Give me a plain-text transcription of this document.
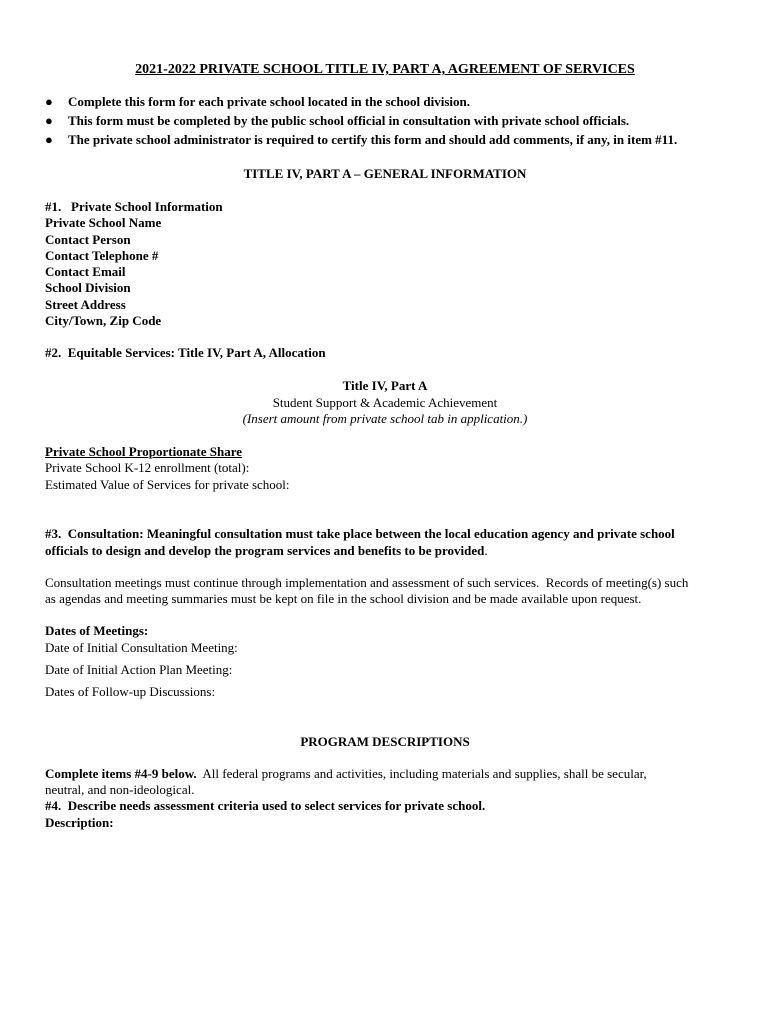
2021-2022 PRIVATE SCHOOL TITLE IV, PART A, AGREEMENT OF SERVICES
● Complete this form for each private school located in the school division.
● This form must be completed by the public school official in consultation with private school officials.
● The private school administrator is required to certify this form and should add comments, if any, in item #11.
TITLE IV, PART A – GENERAL INFORMATION
#1.   Private School Information
Private School Name
Contact Person
Contact Telephone #
Contact Email
School Division
Street Address
City/Town, Zip Code
#2.  Equitable Services: Title IV, Part A, Allocation
Title IV, Part A
Student Support & Academic Achievement
(Insert amount from private school tab in application.)
Private School Proportionate Share
Private School K-12 enrollment (total):
Estimated Value of Services for private school:
#3.  Consultation: Meaningful consultation must take place between the local education agency and private school
officials to design and develop the program services and benefits to be provided.
Consultation meetings must continue through implementation and assessment of such services.  Records of meeting(s) such
as agendas and meeting summaries must be kept on file in the school division and be made available upon request.
Dates of Meetings:
Date of Initial Consultation Meeting:
Date of Initial Action Plan Meeting:
Dates of Follow-up Discussions:
PROGRAM DESCRIPTIONS
Complete items #4-9 below.  All federal programs and activities, including materials and supplies, shall be secular,
neutral, and non-ideological.
#4.  Describe needs assessment criteria used to select services for private school.
Description:
